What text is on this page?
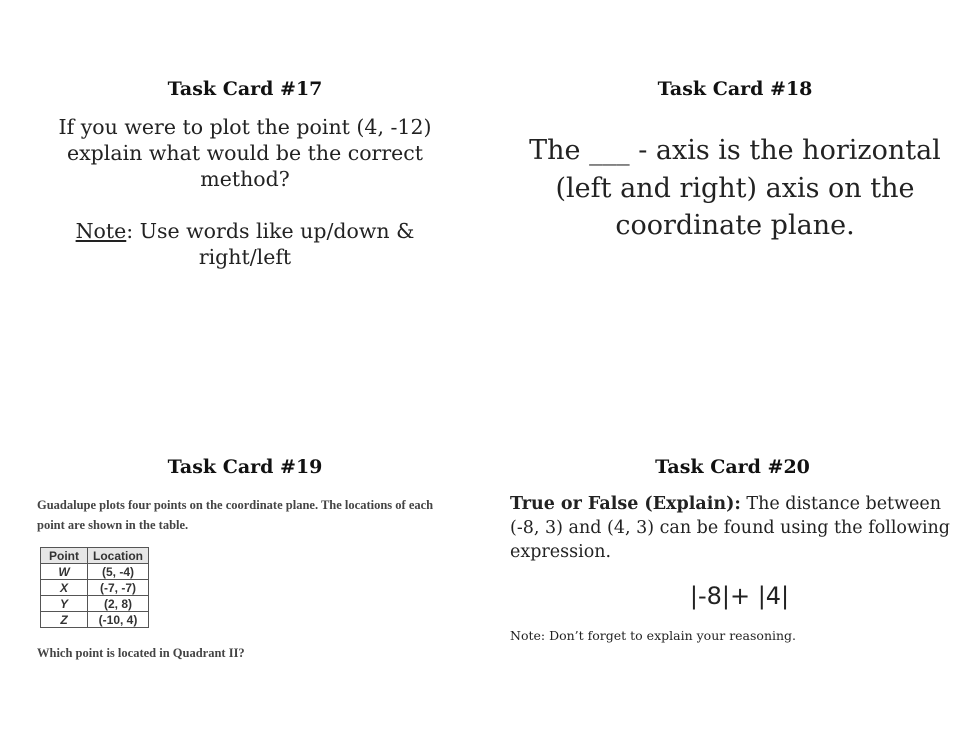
Task Card #17
If you were to plot the point (4, -12)
explain what would be the correct
method?
Note: Use words like up/down &
right/left
Task Card #18
The ___ - axis is the horizontal
(left and right) axis on the
coordinate plane.
Task Card #19
Guadalupe plots four points on the coordinate plane. The locations of each point are shown in the table.
Point	Location
W	(5, -4)
X	(-7, -7)
Y	(2, 8)
Z	(-10, 4)
Which point is located in Quadrant II?
Task Card #20
True or False (Explain): The distance between (-8, 3) and (4, 3) can be found using the following expression.
|-8|+ |4|
Note: Don’t forget to explain your reasoning.
